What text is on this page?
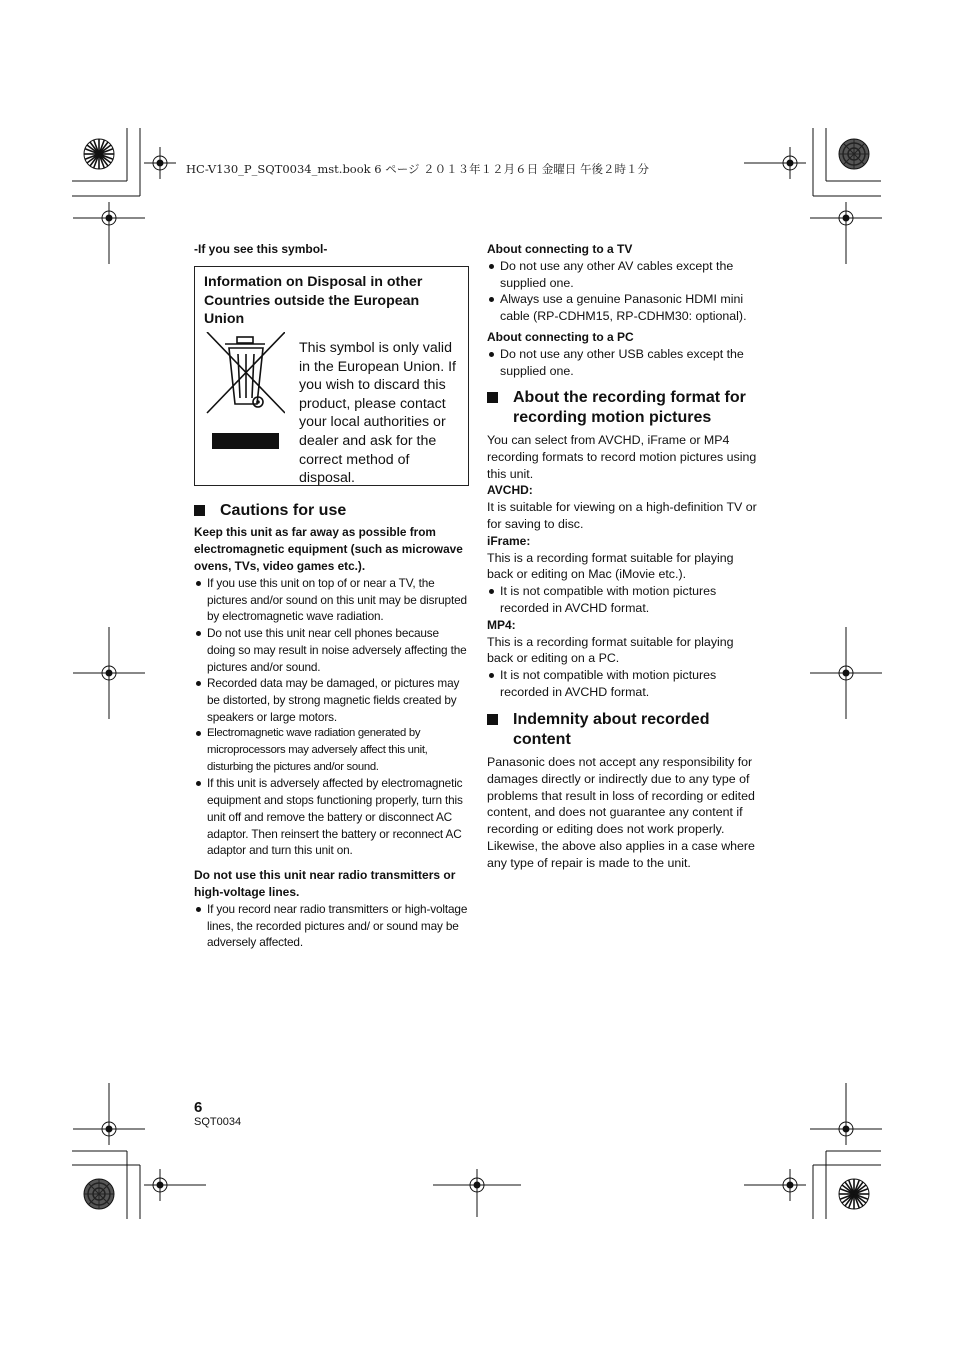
HC-V130_P_SQT0034_mst.book 6 ページ ２０１３年１２月６日 金曜日 午後２時１分
-If you see this symbol-
Information on Disposal in other Countries outside the European Union
This symbol is only valid in the European Union. If you wish to discard this product, please contact your local authorities or dealer and ask for the correct method of disposal.
Cautions for use
Keep this unit as far away as possible from electromagnetic equipment (such as microwave ovens, TVs, video games etc.).
If you use this unit on top of or near a TV, the pictures and/or sound on this unit may be disrupted by electromagnetic wave radiation.
Do not use this unit near cell phones because doing so may result in noise adversely affecting the pictures and/or sound.
Recorded data may be damaged, or pictures may be distorted, by strong magnetic fields created by speakers or large motors.
Electromagnetic wave radiation generated by microprocessors may adversely affect this unit, disturbing the pictures and/or sound.
If this unit is adversely affected by electromagnetic equipment and stops functioning properly, turn this unit off and remove the battery or disconnect AC adaptor. Then reinsert the battery or reconnect AC adaptor and turn this unit on.
Do not use this unit near radio transmitters or high-voltage lines.
If you record near radio transmitters or high-voltage lines, the recorded pictures and/ or sound may be adversely affected.
About connecting to a TV
Do not use any other AV cables except the supplied one.
Always use a genuine Panasonic HDMI mini cable (RP-CDHM15, RP-CDHM30: optional).
About connecting to a PC
Do not use any other USB cables except the supplied one.
About the recording format for recording motion pictures
You can select from AVCHD, iFrame or MP4 recording formats to record motion pictures using this unit.
AVCHD:
It is suitable for viewing on a high-definition TV or for saving to disc.
iFrame:
This is a recording format suitable for playing back or editing on Mac (iMovie etc.).
It is not compatible with motion pictures recorded in AVCHD format.
MP4:
This is a recording format suitable for playing back or editing on a PC.
It is not compatible with motion pictures recorded in AVCHD format.
Indemnity about recorded content
Panasonic does not accept any responsibility for damages directly or indirectly due to any type of problems that result in loss of recording or edited content, and does not guarantee any content if recording or editing does not work properly. Likewise, the above also applies in a case where any type of repair is made to the unit.
6
SQT0034
